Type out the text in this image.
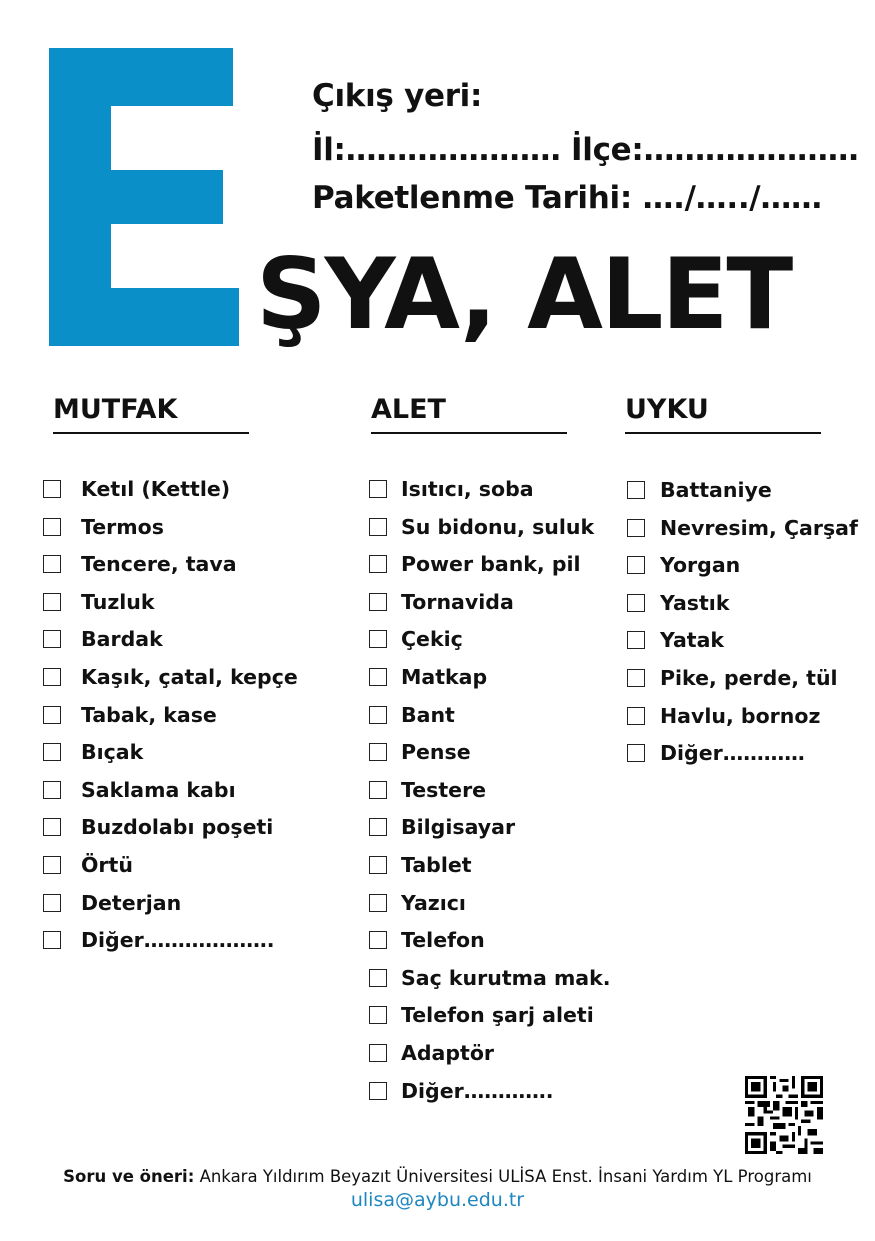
Çıkış yeri:
İl:………………… İlçe:…………………
Paketlenme Tarihi: …./…../……
ŞYA, ALET
MUTFAK	ALET	UYKU
Ketıl (Kettle)
Termos
Tencere, tava
Tuzluk
Bardak
Kaşık, çatal, kepçe
Tabak, kase
Bıçak
Saklama kabı
Buzdolabı poşeti
Örtü
Deterjan
Diğer……………….
Isıtıcı, soba
Su bidonu, suluk
Power bank, pil
Tornavida
Çekiç
Matkap
Bant
Pense
Testere
Bilgisayar
Tablet
Yazıcı
Telefon
Saç kurutma mak.
Telefon şarj aleti
Adaptör
Diğer………….
Battaniye
Nevresim, Çarşaf
Yorgan
Yastık
Yatak
Pike, perde, tül
Havlu, bornoz
Diğer…………
Soru ve öneri: Ankara Yıldırım Beyazıt Üniversitesi ULİSA Enst. İnsani Yardım YL Programı
ulisa@aybu.edu.tr
